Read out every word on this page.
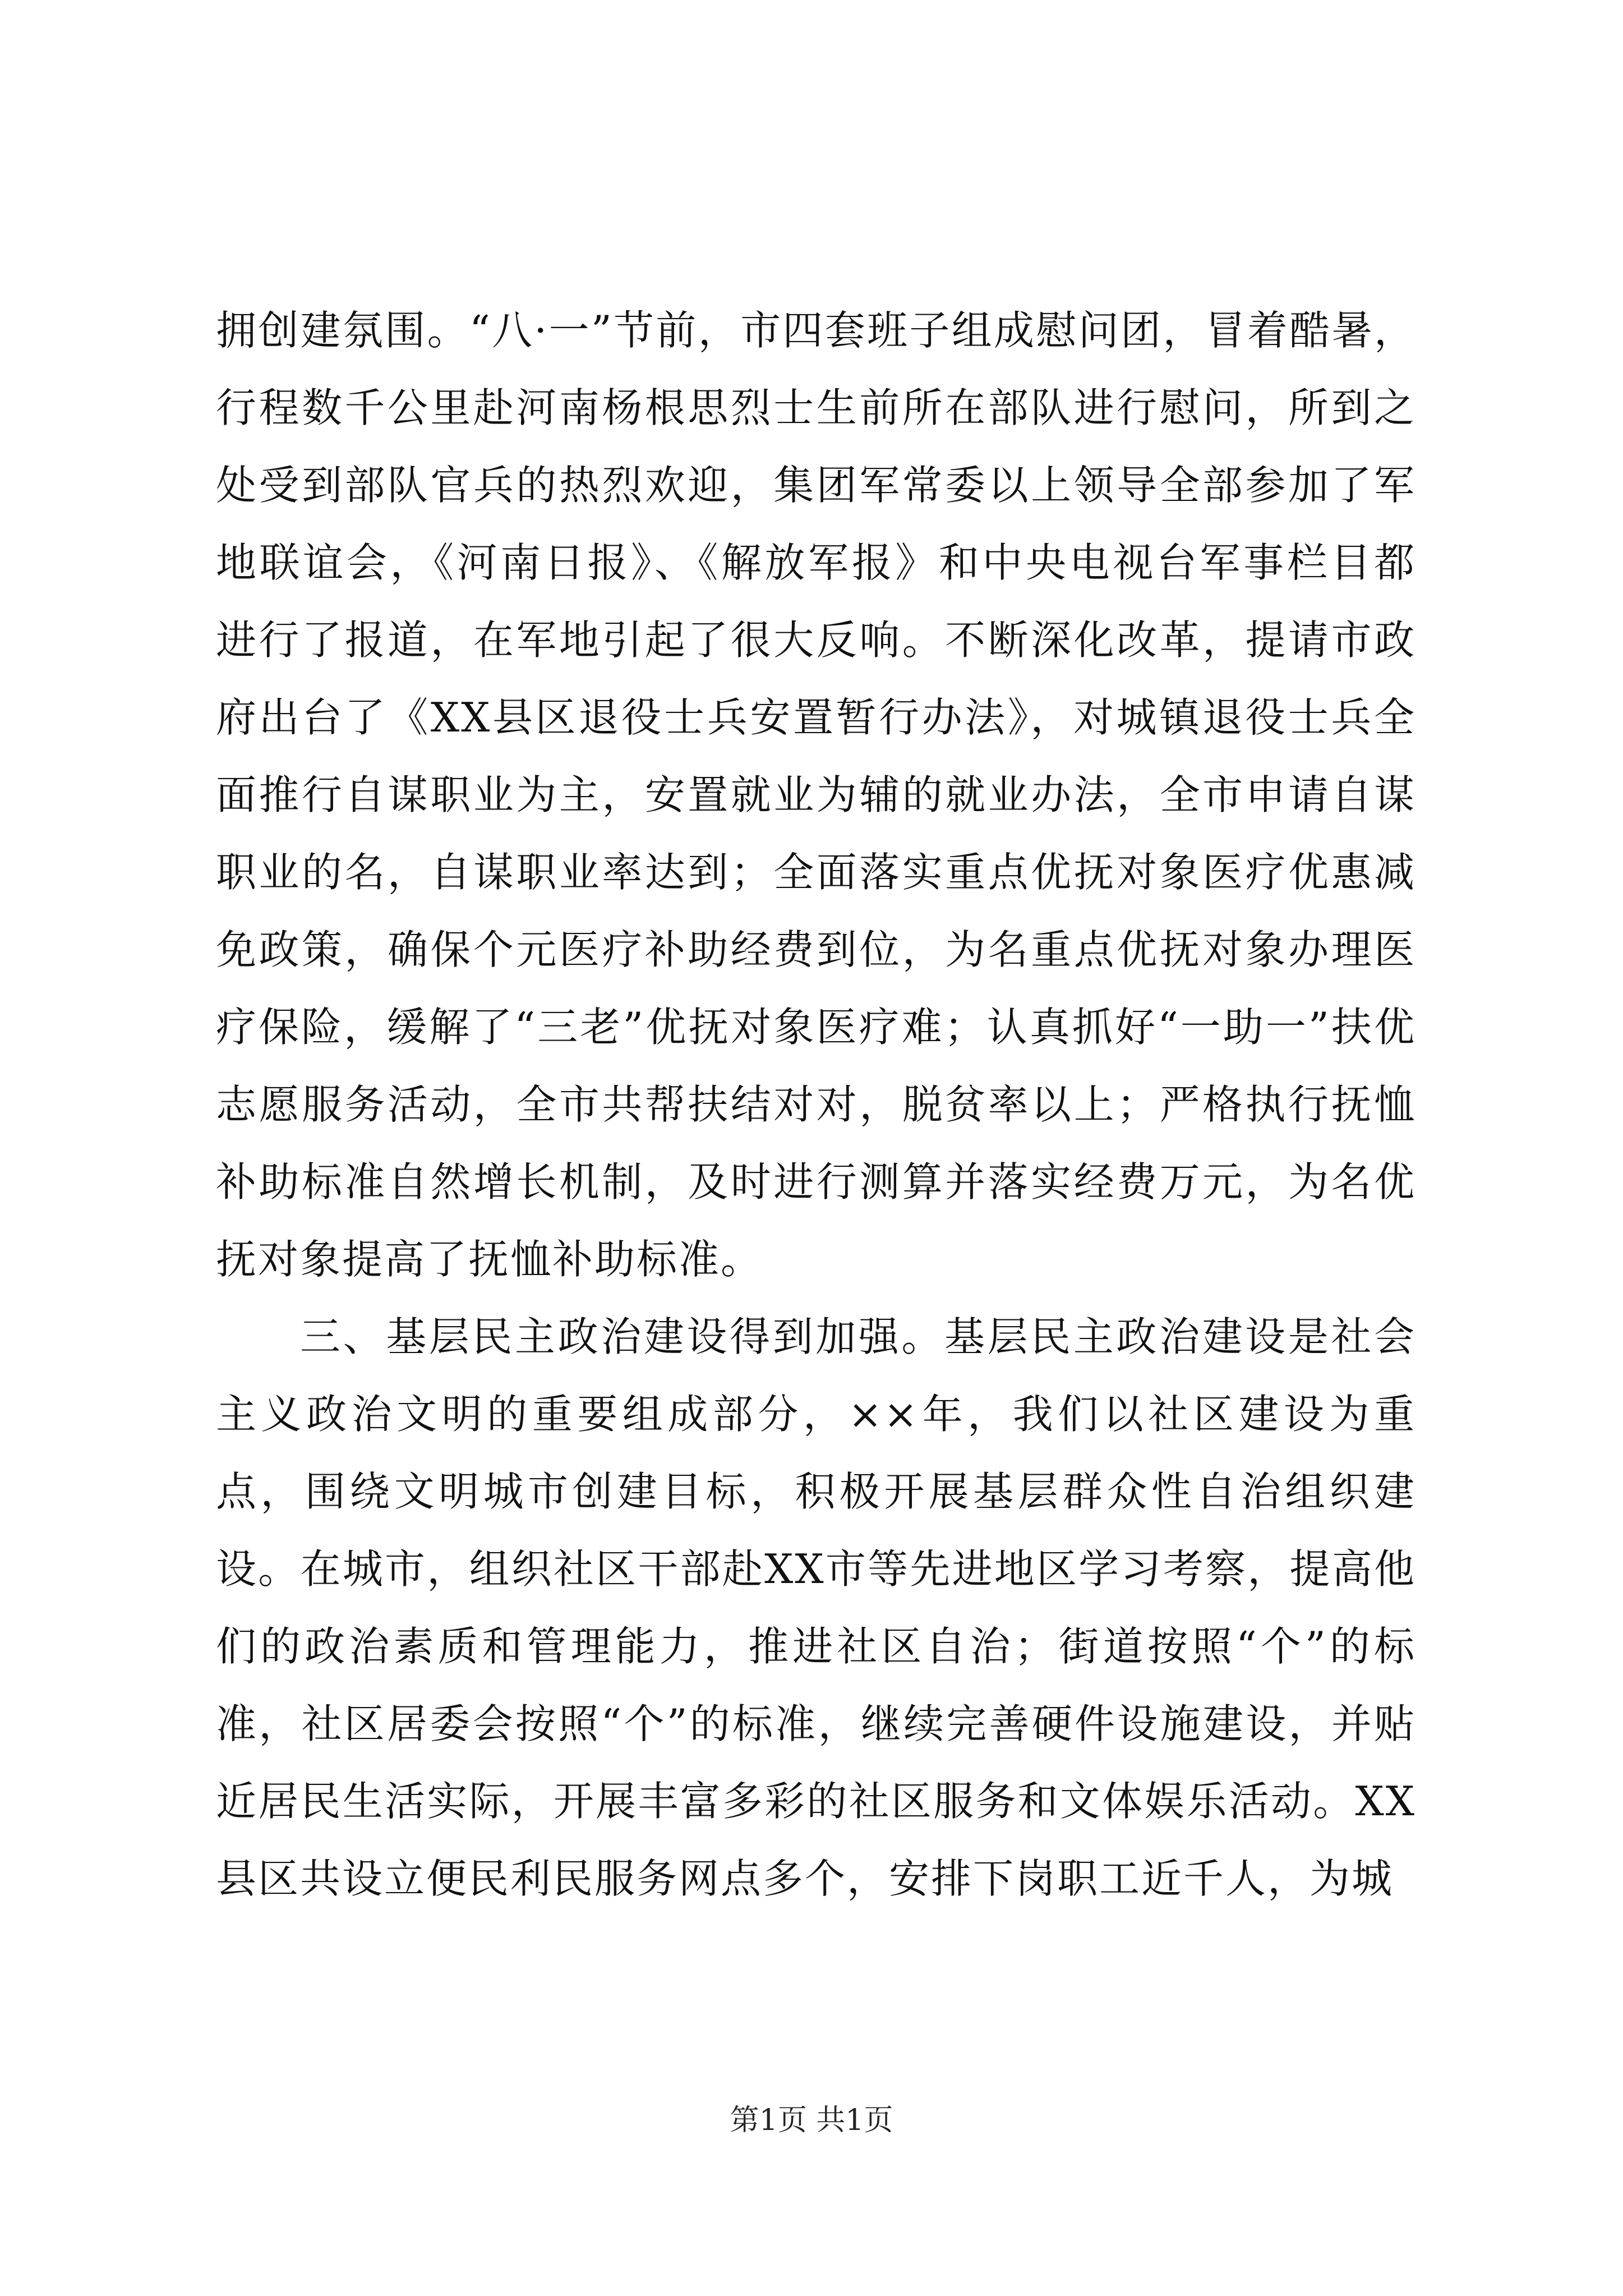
拥创建氛围。“八·一”节前，市四套班子组成慰问团，冒着酷暑，行程数千公里赴河南杨根思烈士生前所在部队进行慰问，所到之处受到部队官兵的热烈欢迎，集团军常委以上领导全部参加了军地联谊会，《河南日报》、《解放军报》和中央电视台军事栏目都进行了报道，在军地引起了很大反响。不断深化改革，提请市政府出台了《XX县区退役士兵安置暂行办法》，对城镇退役士兵全面推行自谋职业为主，安置就业为辅的就业办法，全市申请自谋职业的名，自谋职业率达到；全面落实重点优抚对象医疗优惠减免政策，确保个元医疗补助经费到位，为名重点优抚对象办理医疗保险，缓解了“三老”优抚对象医疗难；认真抓好“一助一”扶优志愿服务活动，全市共帮扶结对对，脱贫率以上；严格执行抚恤补助标准自然增长机制，及时进行测算并落实经费万元，为名优抚对象提高了抚恤补助标准。

三、基层民主政治建设得到加强。基层民主政治建设是社会主义政治文明的重要组成部分，××年，我们以社区建设为重点，围绕文明城市创建目标，积极开展基层群众性自治组织建设。在城市，组织社区干部赴XX市等先进地区学习考察，提高他们的政治素质和管理能力，推进社区自治；街道按照“个”的标准，社区居委会按照“个”的标准，继续完善硬件设施建设，并贴近居民生活实际，开展丰富多彩的社区服务和文体娱乐活动。XX县区共设立便民利民服务网点多个，安排下岗职工近千人，为城

第1页 共1页
